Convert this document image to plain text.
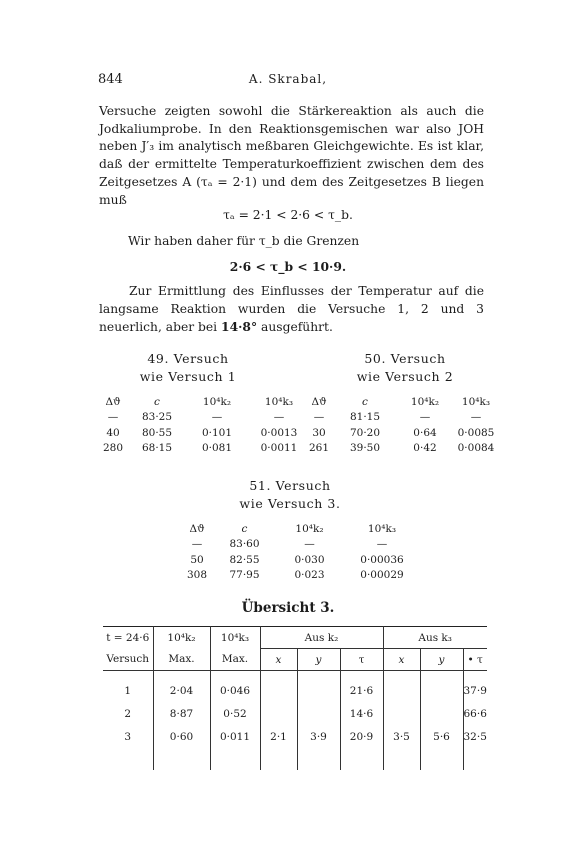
844	A. Skrabal,
Versuche zeigten sowohl die Stärkereaktion als auch die Jodkaliumprobe. In den Reaktionsgemischen war also JOH neben J′₃ im analytisch meßbaren Gleichgewichte. Es ist klar, daß der ermittelte Temperaturkoeffizient zwischen dem des Zeitgesetzes A (τₐ = 2·1) und dem des Zeitgesetzes B liegen muß
τₐ = 2·1 < 2·6 < τ_b.
Wir haben daher für τ_b die Grenzen
2·6 < τ_b < 10·9.
Zur Ermittlung des Einflusses der Temperatur auf die langsame Reaktion wurden die Versuche 1, 2 und 3 neuerlich, aber bei 14·8° ausgeführt.
49. Versuch
wie Versuch 1
Δϑ	c	10⁴k₂	10⁴k₃
—	83·25	—	—
40	80·55	0·101	0·0013
280	68·15	0·081	0·0011
50. Versuch
wie Versuch 2
Δϑ	c	10⁴k₂	10⁴k₃
—	81·15	—	—
30	70·20	0·64	0·0085
261	39·50	0·42	0·0084
51. Versuch
wie Versuch 3.
Δϑ	c	10⁴k₂	10⁴k₃
—	83·60	—	—
50	82·55	0·030	0·00036
308	77·95	0·023	0·00029
Übersicht 3.
t = 24·6	10⁴k₂	10⁴k₃	Aus k₂			Aus k₃		
Versuch	Max.	Max.	x	y	τ	x	y	• τ

1	2·04	0·046			21·6			37·9
2	8·87	0·52			14·6			66·6
3	0·60	0·011	2·1	3·9	20·9	3·5	5·6	32·5
